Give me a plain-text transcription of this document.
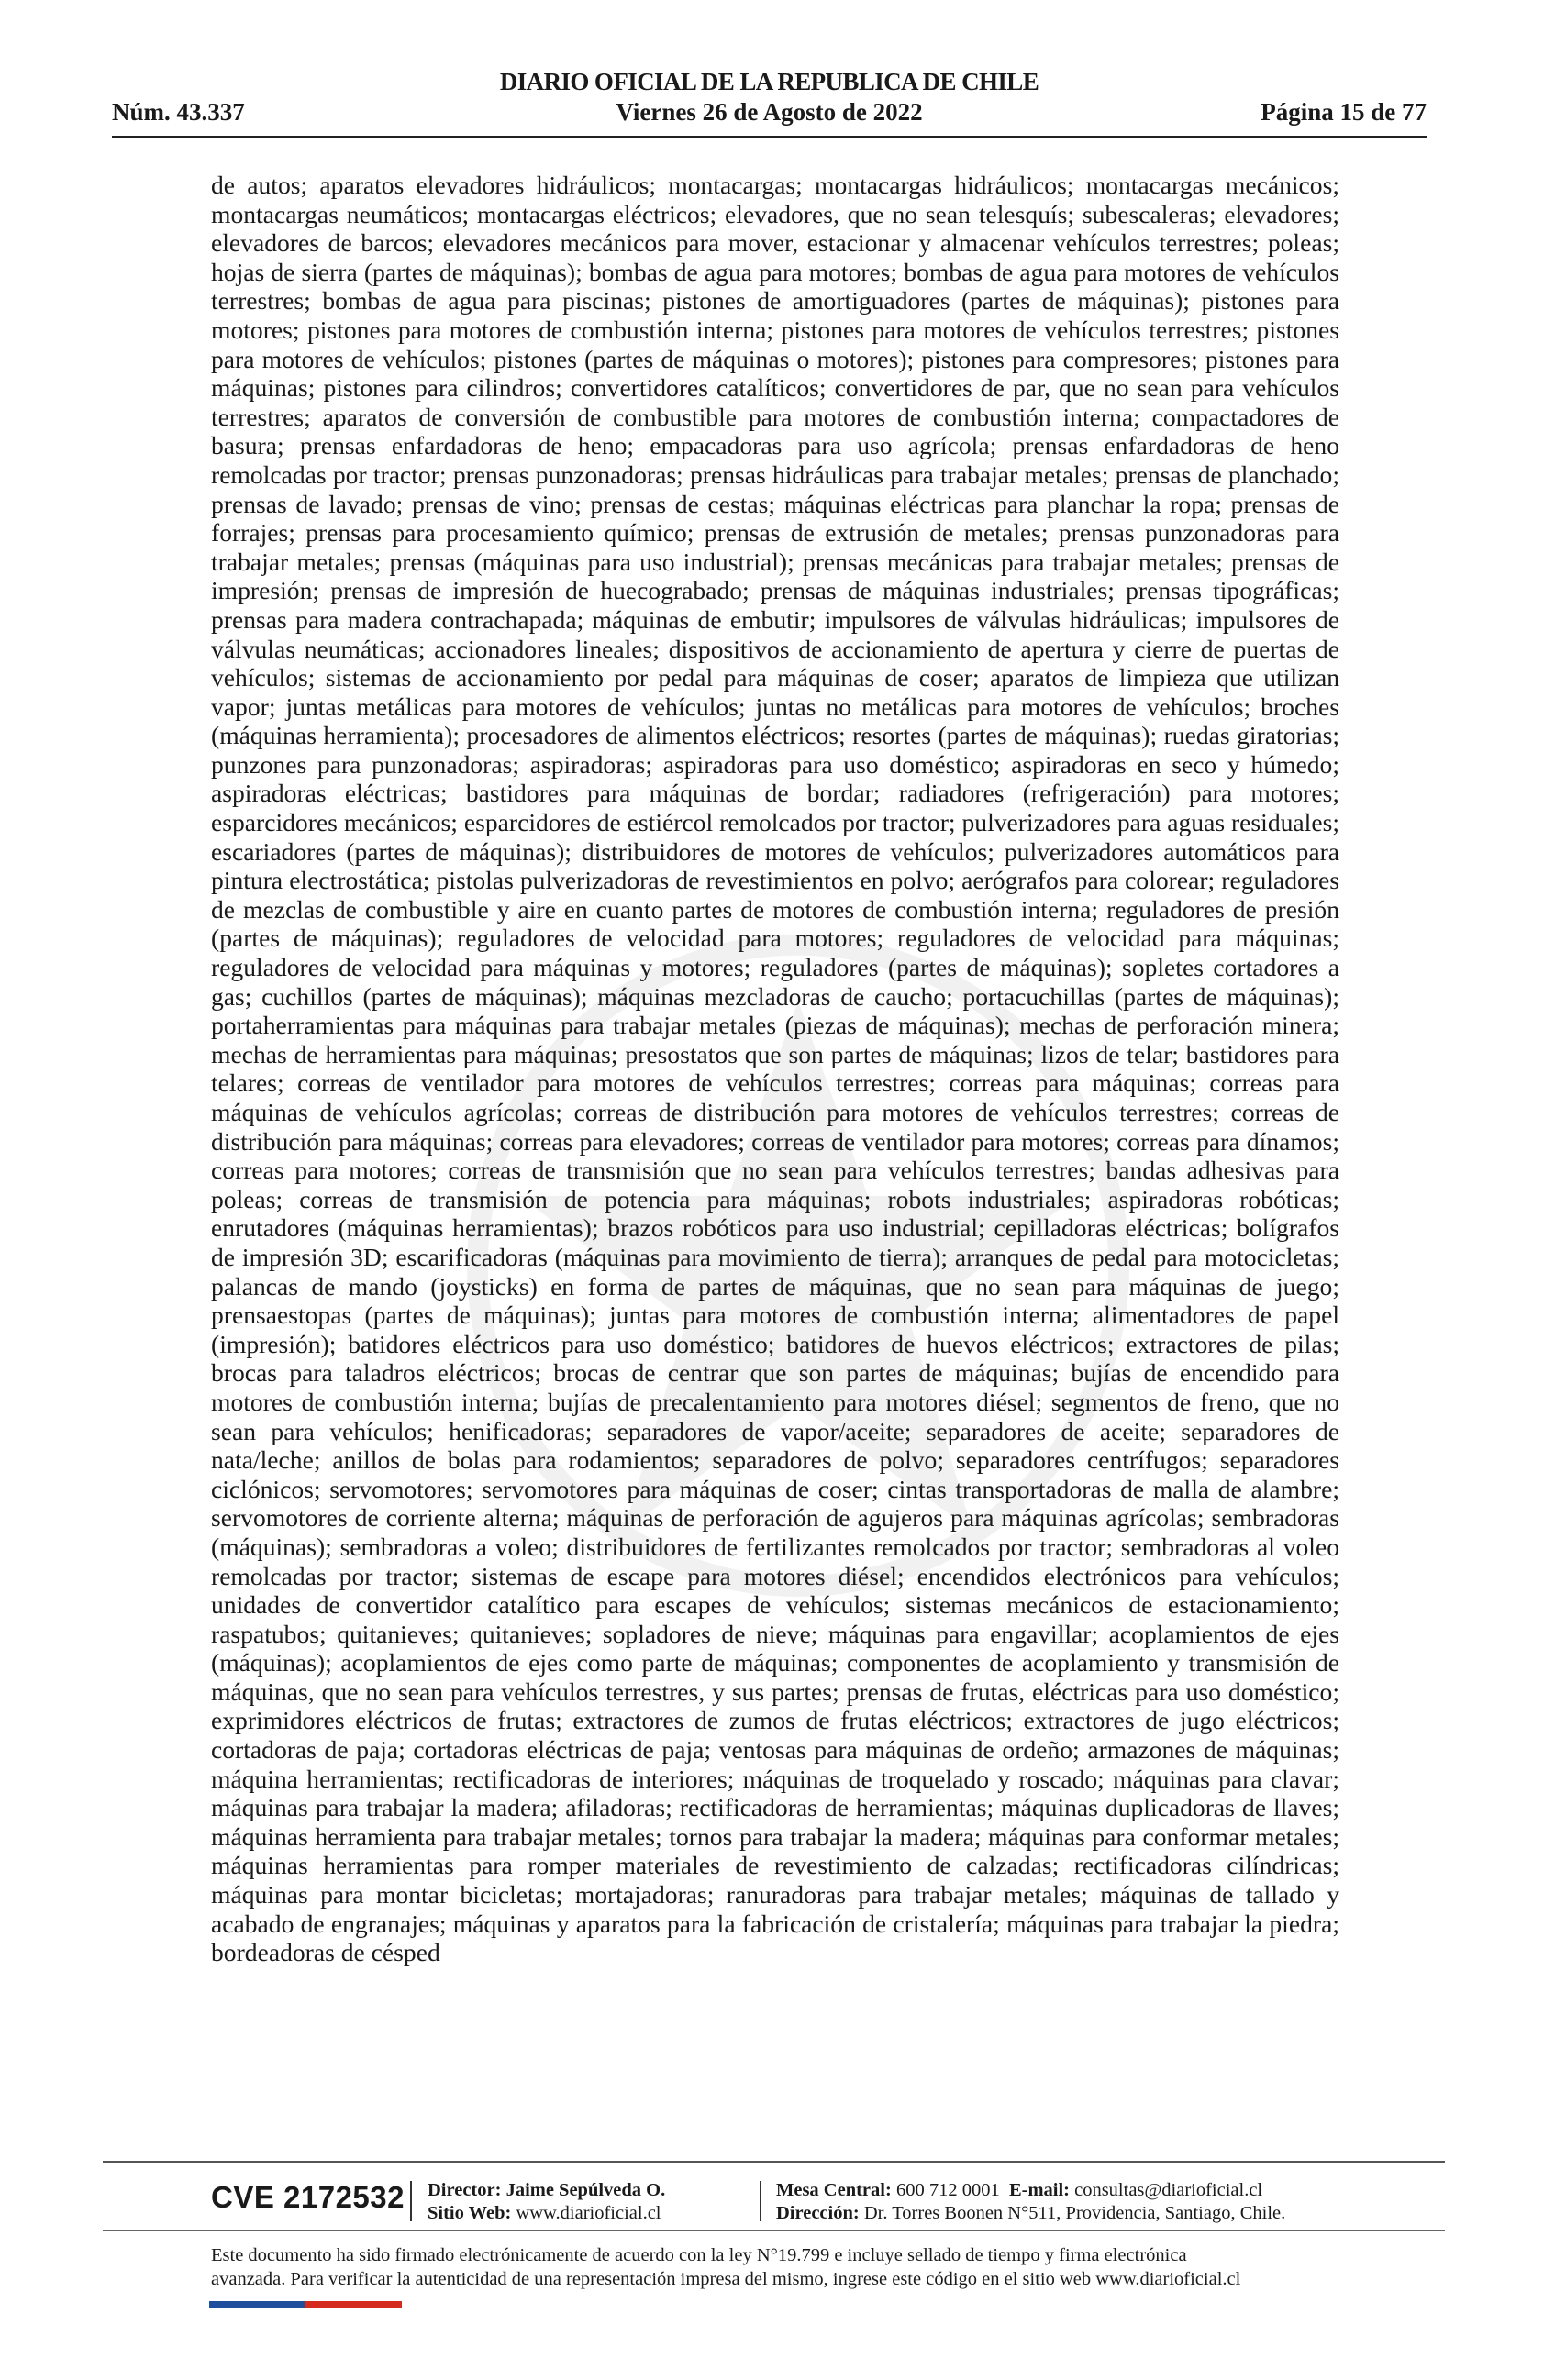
DIARIO OFICIAL DE LA REPUBLICA DE CHILE
Núm. 43.337	Viernes 26 de Agosto de 2022	Página 15 de 77
de autos; aparatos elevadores hidráulicos; montacargas; montacargas hidráulicos; montacargas mecánicos; montacargas neumáticos; montacargas eléctricos; elevadores, que no sean telesquís; subescaleras; elevadores; elevadores de barcos; elevadores mecánicos para mover, estacionar y almacenar vehículos terrestres; poleas; hojas de sierra (partes de máquinas); bombas de agua para motores; bombas de agua para motores de vehículos terrestres; bombas de agua para piscinas; pistones de amortiguadores (partes de máquinas); pistones para motores; pistones para motores de combustión interna; pistones para motores de vehículos terrestres; pistones para motores de vehículos; pistones (partes de máquinas o motores); pistones para compresores; pistones para máquinas; pistones para cilindros; convertidores catalíticos; convertidores de par, que no sean para vehículos terrestres; aparatos de conversión de combustible para motores de combustión interna; compactadores de basura; prensas enfardadoras de heno; empacadoras para uso agrícola; prensas enfardadoras de heno remolcadas por tractor; prensas punzonadoras; prensas hidráulicas para trabajar metales; prensas de planchado; prensas de lavado; prensas de vino; prensas de cestas; máquinas eléctricas para planchar la ropa; prensas de forrajes; prensas para procesamiento químico; prensas de extrusión de metales; prensas punzonadoras para trabajar metales; prensas (máquinas para uso industrial); prensas mecánicas para trabajar metales; prensas de impresión; prensas de impresión de huecograbado; prensas de máquinas industriales; prensas tipográficas; prensas para madera contrachapada; máquinas de embutir; impulsores de válvulas hidráulicas; impulsores de válvulas neumáticas; accionadores lineales; dispositivos de accionamiento de apertura y cierre de puertas de vehículos; sistemas de accionamiento por pedal para máquinas de coser; aparatos de limpieza que utilizan vapor; juntas metálicas para motores de vehículos; juntas no metálicas para motores de vehículos; broches (máquinas herramienta); procesadores de alimentos eléctricos; resortes (partes de máquinas); ruedas giratorias; punzones para punzonadoras; aspiradoras; aspiradoras para uso doméstico; aspiradoras en seco y húmedo; aspiradoras eléctricas; bastidores para máquinas de bordar; radiadores (refrigeración) para motores; esparcidores mecánicos; esparcidores de estiércol remolcados por tractor; pulverizadores para aguas residuales; escariadores (partes de máquinas); distribuidores de motores de vehículos; pulverizadores automáticos para pintura electrostática; pistolas pulverizadoras de revestimientos en polvo; aerógrafos para colorear; reguladores de mezclas de combustible y aire en cuanto partes de motores de combustión interna; reguladores de presión (partes de máquinas); reguladores de velocidad para motores; reguladores de velocidad para máquinas; reguladores de velocidad para máquinas y motores; reguladores (partes de máquinas); sopletes cortadores a gas; cuchillos (partes de máquinas); máquinas mezcladoras de caucho; portacuchillas (partes de máquinas); portaherramientas para máquinas para trabajar metales (piezas de máquinas); mechas de perforación minera; mechas de herramientas para máquinas; presostatos que son partes de máquinas; lizos de telar; bastidores para telares; correas de ventilador para motores de vehículos terrestres; correas para máquinas; correas para máquinas de vehículos agrícolas; correas de distribución para motores de vehículos terrestres; correas de distribución para máquinas; correas para elevadores; correas de ventilador para motores; correas para dínamos; correas para motores; correas de transmisión que no sean para vehículos terrestres; bandas adhesivas para poleas; correas de transmisión de potencia para máquinas; robots industriales; aspiradoras robóticas; enrutadores (máquinas herramientas); brazos robóticos para uso industrial; cepilladoras eléctricas; bolígrafos de impresión 3D; escarificadoras (máquinas para movimiento de tierra); arranques de pedal para motocicletas; palancas de mando (joysticks) en forma de partes de máquinas, que no sean para máquinas de juego; prensaestopas (partes de máquinas); juntas para motores de combustión interna; alimentadores de papel (impresión); batidores eléctricos para uso doméstico; batidores de huevos eléctricos; extractores de pilas; brocas para taladros eléctricos; brocas de centrar que son partes de máquinas; bujías de encendido para motores de combustión interna; bujías de precalentamiento para motores diésel; segmentos de freno, que no sean para vehículos; henificadoras; separadores de vapor/aceite; separadores de aceite; separadores de nata/leche; anillos de bolas para rodamientos; separadores de polvo; separadores centrífugos; separadores ciclónicos; servomotores; servomotores para máquinas de coser; cintas transportadoras de malla de alambre; servomotores de corriente alterna; máquinas de perforación de agujeros para máquinas agrícolas; sembradoras (máquinas); sembradoras a voleo; distribuidores de fertilizantes remolcados por tractor; sembradoras al voleo remolcadas por tractor; sistemas de escape para motores diésel; encendidos electrónicos para vehículos; unidades de convertidor catalítico para escapes de vehículos; sistemas mecánicos de estacionamiento; raspatubos; quitanieves; quitanieves; sopladores de nieve; máquinas para engavillar; acoplamientos de ejes (máquinas); acoplamientos de ejes como parte de máquinas; componentes de acoplamiento y transmisión de máquinas, que no sean para vehículos terrestres, y sus partes; prensas de frutas, eléctricas para uso doméstico; exprimidores eléctricos de frutas; extractores de zumos de frutas eléctricos; extractores de jugo eléctricos; cortadoras de paja; cortadoras eléctricas de paja; ventosas para máquinas de ordeño; armazones de máquinas; máquina herramientas; rectificadoras de interiores; máquinas de troquelado y roscado; máquinas para clavar; máquinas para trabajar la madera; afiladoras; rectificadoras de herramientas; máquinas duplicadoras de llaves; máquinas herramienta para trabajar metales; tornos para trabajar la madera; máquinas para conformar metales; máquinas herramientas para romper materiales de revestimiento de calzadas; rectificadoras cilíndricas; máquinas para montar bicicletas; mortajadoras; ranuradoras para trabajar metales; máquinas de tallado y acabado de engranajes; máquinas y aparatos para la fabricación de cristalería; máquinas para trabajar la piedra; bordeadoras de césped
CVE 2172532 Director: Jaime Sepúlveda O.
Sitio Web: www.diarioficial.cl
Mesa Central: 600 712 0001 E-mail: consultas@diarioficial.cl
Dirección: Dr. Torres Boonen N°511, Providencia, Santiago, Chile.
Este documento ha sido firmado electrónicamente de acuerdo con la ley N°19.799 e incluye sellado de tiempo y firma electrónica
avanzada. Para verificar la autenticidad de una representación impresa del mismo, ingrese este código en el sitio web www.diarioficial.cl
